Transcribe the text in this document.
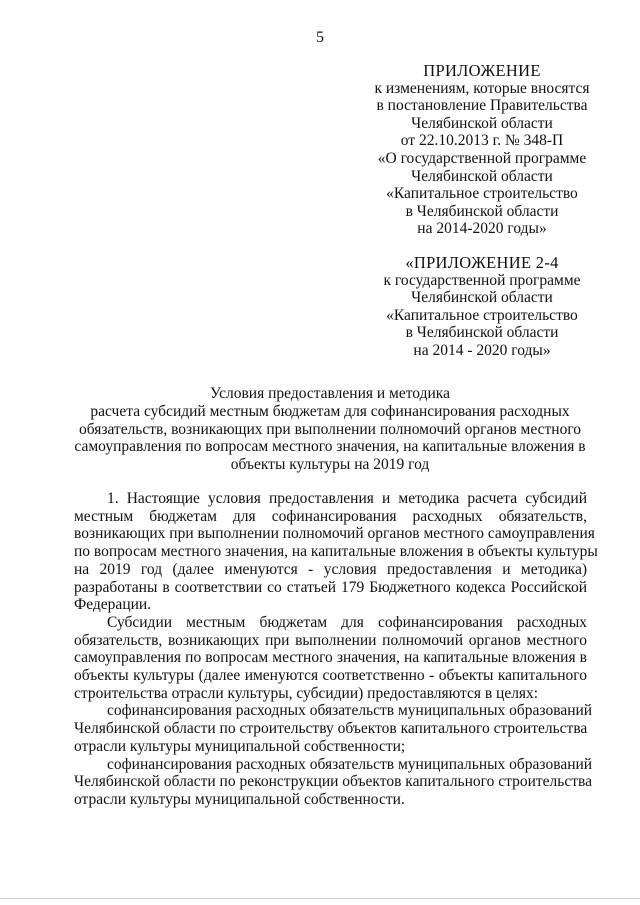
5
ПРИЛОЖЕНИЕ
к изменениям, которые вносятся
в постановление Правительства
Челябинской области
от 22.10.2013 г. № 348-П
«О государственной программе
Челябинской области
«Капитальное строительство
в Челябинской области
на 2014-2020 годы»
«ПРИЛОЖЕНИЕ 2-4
к государственной программе
Челябинской области
«Капитальное строительство
в Челябинской области
на 2014 - 2020 годы»
Условия предоставления и методика
расчета субсидий местным бюджетам для софинансирования расходных
обязательств, возникающих при выполнении полномочий органов местного
самоуправления по вопросам местного значения, на капитальные вложения в
объекты культуры на 2019 год
1. Настоящие условия предоставления и методика расчета субсидий
местным бюджетам для софинансирования расходных обязательств,
возникающих при выполнении полномочий органов местного самоуправления
по вопросам местного значения, на капитальные вложения в объекты культуры
на 2019 год (далее именуются - условия предоставления и методика)
разработаны в соответствии со статьей 179 Бюджетного кодекса Российской
Федерации.
Субсидии местным бюджетам для софинансирования расходных
обязательств, возникающих при выполнении полномочий органов местного
самоуправления по вопросам местного значения, на капитальные вложения в
объекты культуры (далее именуются соответственно - объекты капитального
строительства отрасли культуры, субсидии) предоставляются в целях:
софинансирования расходных обязательств муниципальных образований
Челябинской области по строительству объектов капитального строительства
отрасли культуры муниципальной собственности;
софинансирования расходных обязательств муниципальных образований
Челябинской области по реконструкции объектов капитального строительства
отрасли культуры муниципальной собственности.
